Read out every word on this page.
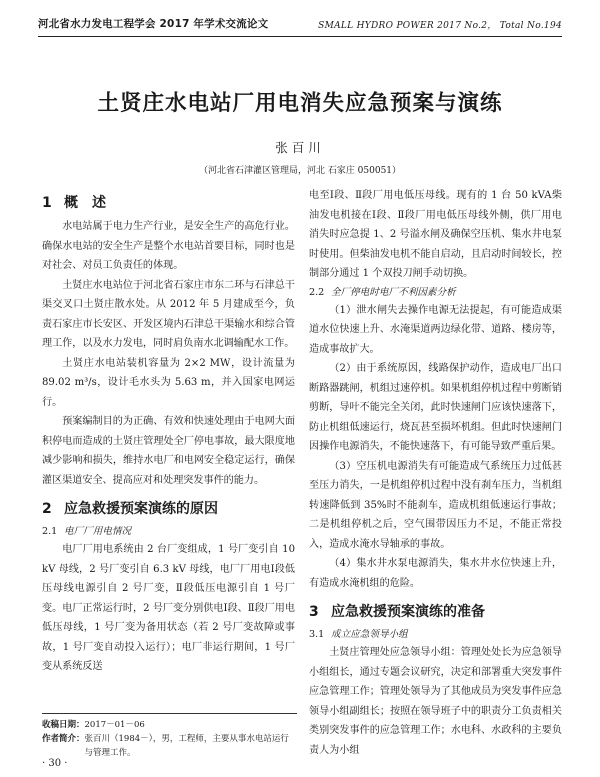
河北省水力发电工程学会 2017 年学术交流论文	SMALL HYDRO POWER 2017 No.2， Total No.194
土贤庄水电站厂用电消失应急预案与演练
张百川
（河北省石津灌区管理局，河北 石家庄 050051）
1 概　述

水电站属于电力生产行业，是安全生产的高危行业。确保水电站的安全生产是整个水电站首要目标，同时也是对社会、对员工负责任的体现。

土贤庄水电站位于河北省石家庄市东二环与石津总干渠交叉口土贤庄散水处。从 2012 年 5 月建成至今，负责石家庄市长安区、开发区境内石津总干渠输水和综合管理工作，以及水力发电，同时肩负南水北调输配水工作。

土贤庄水电站装机容量为 2×2 MW，设计流量为 89.02 m³/s，设计毛水头为 5.63 m，并入国家电网运行。

预案编制目的为正确、有效和快速处理由于电网大面积停电而造成的土贤庄管理处全厂停电事故，最大限度地减少影响和损失，维持水电厂和电网安全稳定运行，确保灌区渠道安全、提高应对和处理突发事件的能力。

2 应急救援预案演练的原因
2.1 电厂厂用电情况

电厂厂用电系统由 2 台厂变组成，1 号厂变引自 10 kV 母线，2 号厂变引自 6.3 kV 母线，电厂厂用电Ⅰ段低压母线电源引自 2 号厂变，Ⅱ段低压电源引自 1 号厂变。电厂正常运行时，2 号厂变分别供电Ⅰ段、Ⅱ段厂用电低压母线，1 号厂变为备用状态（若 2 号厂变故障或事故，1 号厂变自动投入运行）；电厂非运行期间，1 号厂变从系统反送

电至Ⅰ段、Ⅱ段厂用电低压母线。现有的 1 台 50 kVA柴油发电机接在Ⅰ段、Ⅱ段厂用电低压母线外侧，供厂用电消失时应急提 1、2 号溢水闸及确保空压机、集水井电泵时使用。但柴油发电机不能自启动，且启动时间较长，控制部分通过 1 个双投刀闸手动切换。

2.2 全厂停电时电厂不利因素分析

（1）泄水闸失去操作电源无法提起，有可能造成渠道水位快速上升、水淹渠道两边绿化带、道路、楼房等，造成事故扩大。

（2）由于系统原因，线路保护动作，造成电厂出口断路器跳闸，机组过速停机。如果机组停机过程中剪断销剪断，导叶不能完全关闭，此时快速闸门应该快速落下，防止机组低速运行，烧瓦甚至损坏机组。但此时快速闸门因操作电源消失，不能快速落下，有可能导致严重后果。

（3）空压机电源消失有可能造成气系统压力过低甚至压力消失，一是机组停机过程中没有刹车压力，当机组转速降低到 35%时不能刹车，造成机组低速运行事故；二是机组停机之后，空气围带因压力不足，不能正常投入，造成水淹水导轴承的事故。

（4）集水井水泵电源消失，集水井水位快速上升，有造成水淹机组的危险。

3 应急救援预案演练的准备
3.1 成立应急领导小组

土贤庄管理处应急领导小组：管理处处长为应急领导小组组长，通过专题会议研究，决定和部署重大突发事件应急管理工作；管理处领导为了其他成员为突发事件应急领导小组副组长；按照在领导班子中的职责分工负责相关类别突发事件的应急管理工作；水电科、水政科的主要负责人为小组

收稿日期： 2017－01－06
作者简介： 张百川（1984－），男，工程师，主要从事水电站运行与管理工作。
· 30 ·
